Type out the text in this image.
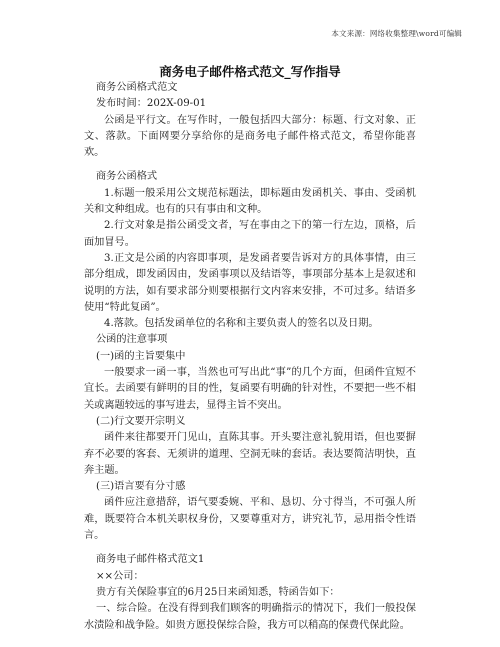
本文来源：网络收集整理\word可编辑
商务电子邮件格式范文_写作指导

商务公函格式范文

发布时间：202X-09-01

公函是平行文。在写作时，一般包括四大部分：标题、行文对象、正文、落款。下面网要分享给你的是商务电子邮件格式范文，希望你能喜欢。

商务公函格式

1.标题一般采用公文规范标题法，即标题由发函机关、事由、受函机关和文种组成。也有的只有事由和文种。

2.行文对象是指公函受文者，写在事由之下的第一行左边，顶格，后面加冒号。

3.正文是公函的内容即事项，是发函者要告诉对方的具体事情，由三部分组成，即发函因由，发函事项以及结语等，事项部分基本上是叙述和说明的方法，如有要求部分则要根据行文内容来安排，不可过多。结语多使用“特此复函”。

4.落款。包括发函单位的名称和主要负责人的签名以及日期。

公函的注意事项

(一)函的主旨要集中

一般要求一函一事，当然也可写出此“事”的几个方面，但函件宜短不宜长。去函要有鲜明的目的性，复函要有明确的针对性，不要把一些不相关或离题较远的事写进去，显得主旨不突出。

(二)行文要开宗明义

函件来往都要开门见山，直陈其事。开头要注意礼貌用语，但也要摒弃不必要的客套、无须讲的道理、空洞无味的套话。表达要简洁明快，直奔主题。

(三)语言要有分寸感

函件应注意措辞，语气要委婉、平和、恳切、分寸得当，不可强人所难，既要符合本机关职权身份，又要尊重对方，讲究礼节，忌用指令性语言。

商务电子邮件格式范文1

××公司：

贵方有关保险事宜的6月25日来函知悉，特函告如下：

一、综合险。在没有得到我们顾客的明确指示的情况下，我们一般投保水渍险和战争险。如贵方愿投保综合险，我方可以稍高的保费代保此险。
